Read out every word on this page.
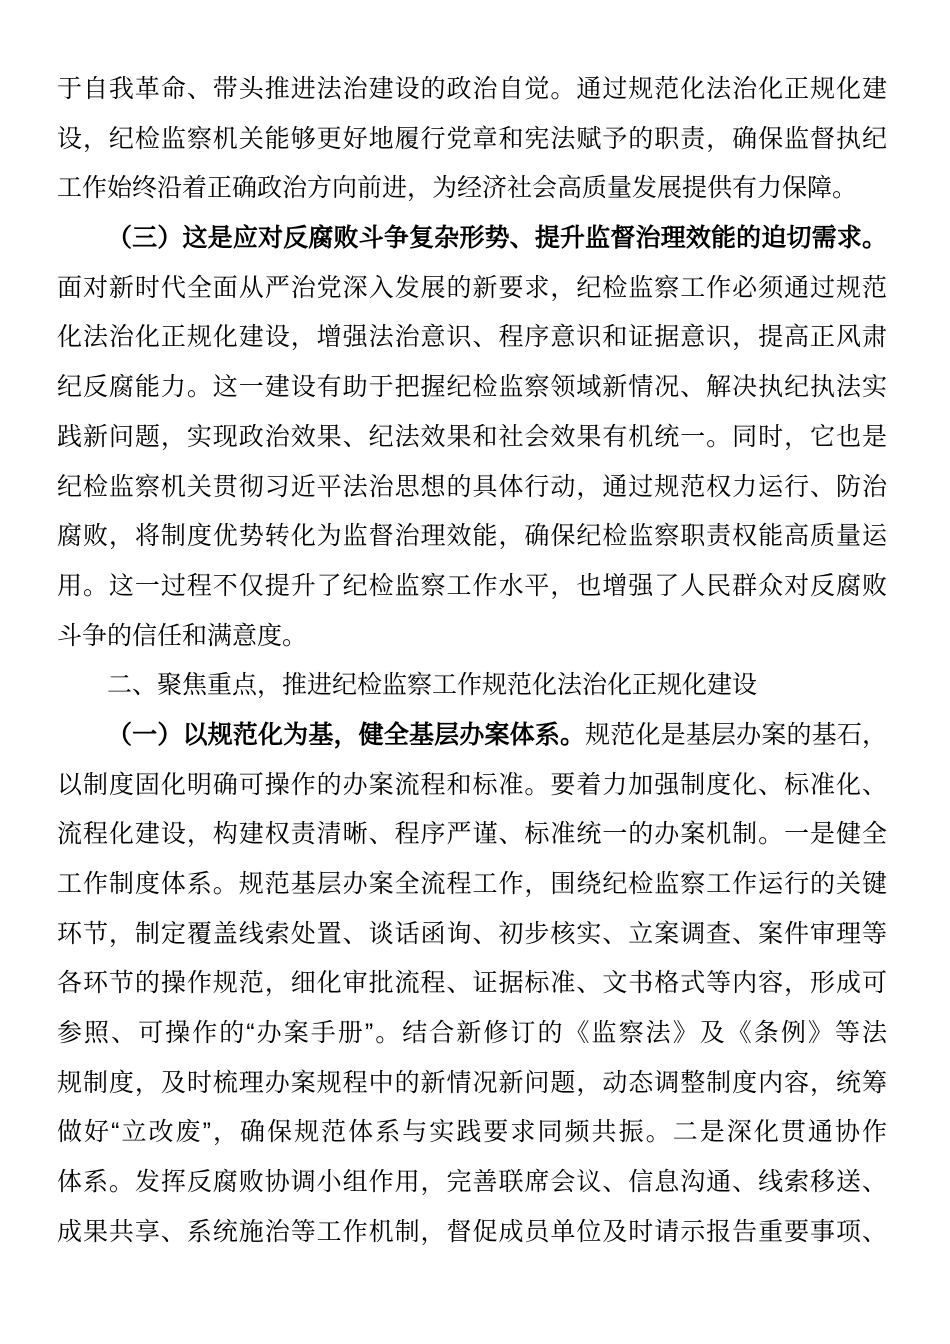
于自我革命、带头推进法治建设的政治自觉。通过规范化法治化正规化建
设，纪检监察机关能够更好地履行党章和宪法赋予的职责，确保监督执纪
工作始终沿着正确政治方向前进，为经济社会高质量发展提供有力保障。
（三）这是应对反腐败斗争复杂形势、提升监督治理效能的迫切需求。
面对新时代全面从严治党深入发展的新要求，纪检监察工作必须通过规范
化法治化正规化建设，增强法治意识、程序意识和证据意识，提高正风肃
纪反腐能力。这一建设有助于把握纪检监察领域新情况、解决执纪执法实
践新问题，实现政治效果、纪法效果和社会效果有机统一。同时，它也是
纪检监察机关贯彻习近平法治思想的具体行动，通过规范权力运行、防治
腐败，将制度优势转化为监督治理效能，确保纪检监察职责权能高质量运
用。这一过程不仅提升了纪检监察工作水平，也增强了人民群众对反腐败
斗争的信任和满意度。
二、聚焦重点，推进纪检监察工作规范化法治化正规化建设
（一）以规范化为基，健全基层办案体系。规范化是基层办案的基石，
以制度固化明确可操作的办案流程和标准。要着力加强制度化、标准化、
流程化建设，构建权责清晰、程序严谨、标准统一的办案机制。一是健全
工作制度体系。规范基层办案全流程工作，围绕纪检监察工作运行的关键
环节，制定覆盖线索处置、谈话函询、初步核实、立案调查、案件审理等
各环节的操作规范，细化审批流程、证据标准、文书格式等内容，形成可
参照、可操作的“办案手册”。结合新修订的《监察法》及《条例》等法
规制度，及时梳理办案规程中的新情况新问题，动态调整制度内容，统筹
做好“立改废”，确保规范体系与实践要求同频共振。二是深化贯通协作
体系。发挥反腐败协调小组作用，完善联席会议、信息沟通、线索移送、
成果共享、系统施治等工作机制，督促成员单位及时请示报告重要事项、
